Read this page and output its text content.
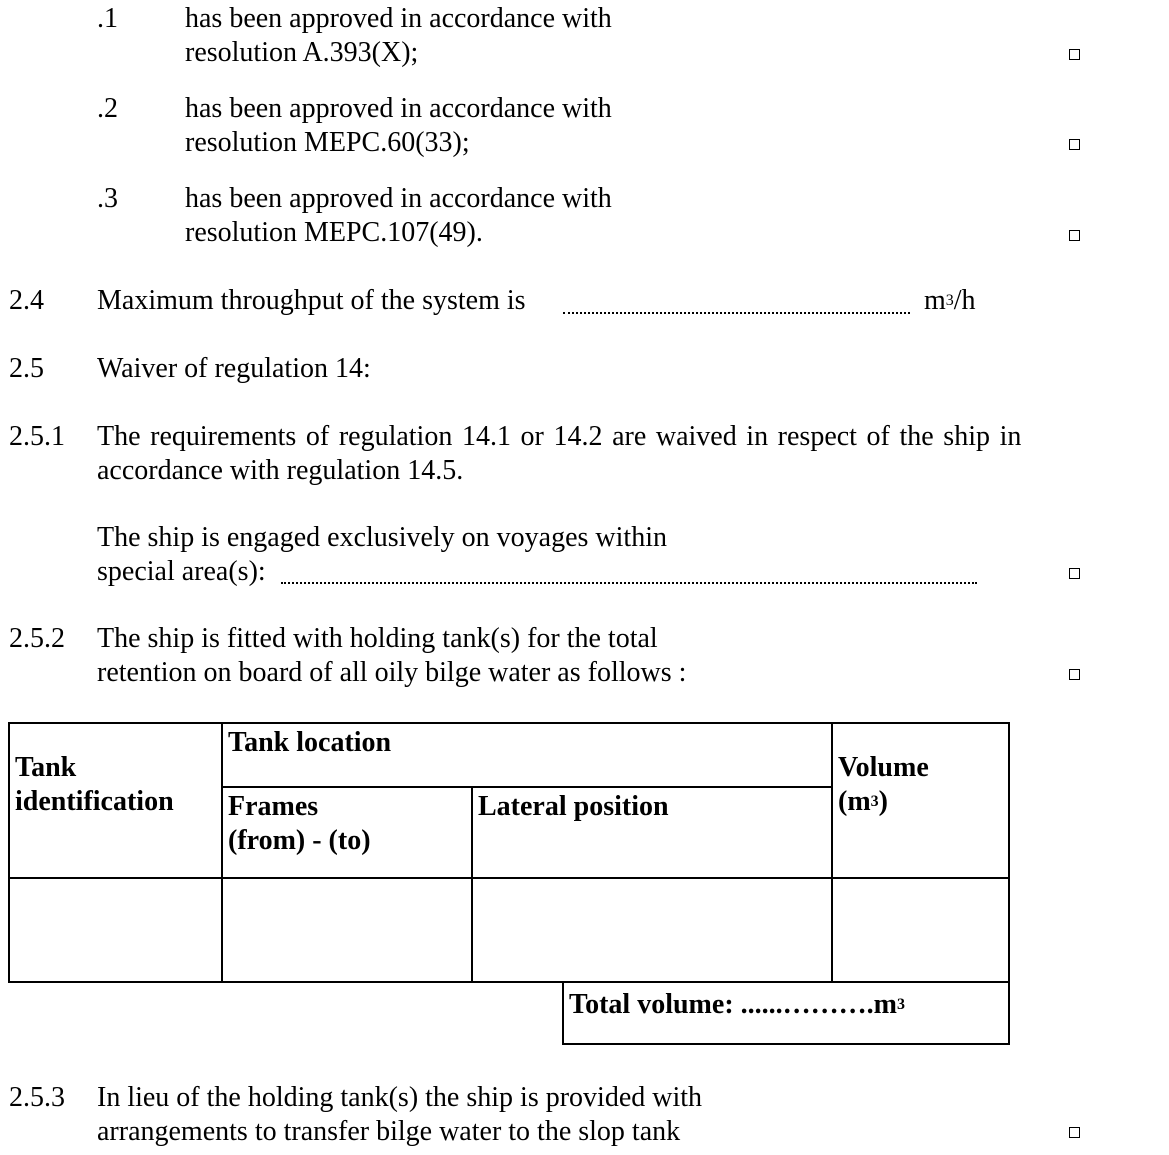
.1 has been approved in accordance with
resolution A.393(X);
.2 has been approved in accordance with
resolution MEPC.60(33);
.3 has been approved in accordance with
resolution MEPC.107(49).
2.4 Maximum throughput of the system is	$m^3/h$
2.5 Waiver of regulation 14:
2.5.1 The requirements of regulation 14.1 or 14.2 are waived in respect of the ship in
accordance with regulation 14.5.
The ship is engaged exclusively on voyages within
special area(s):
2.5.2 The ship is fitted with holding tank(s) for the total
retention on board of all oily bilge water as follows :
Tank
identification
Tank location
Frames
(from) - (to)
Lateral position
Volume
$(m^3)$
Total volume: $......\dots\dots\dots.m^3$
2.5.3 In lieu of the holding tank(s) the ship is provided with
arrangements to transfer bilge water to the slop tank
